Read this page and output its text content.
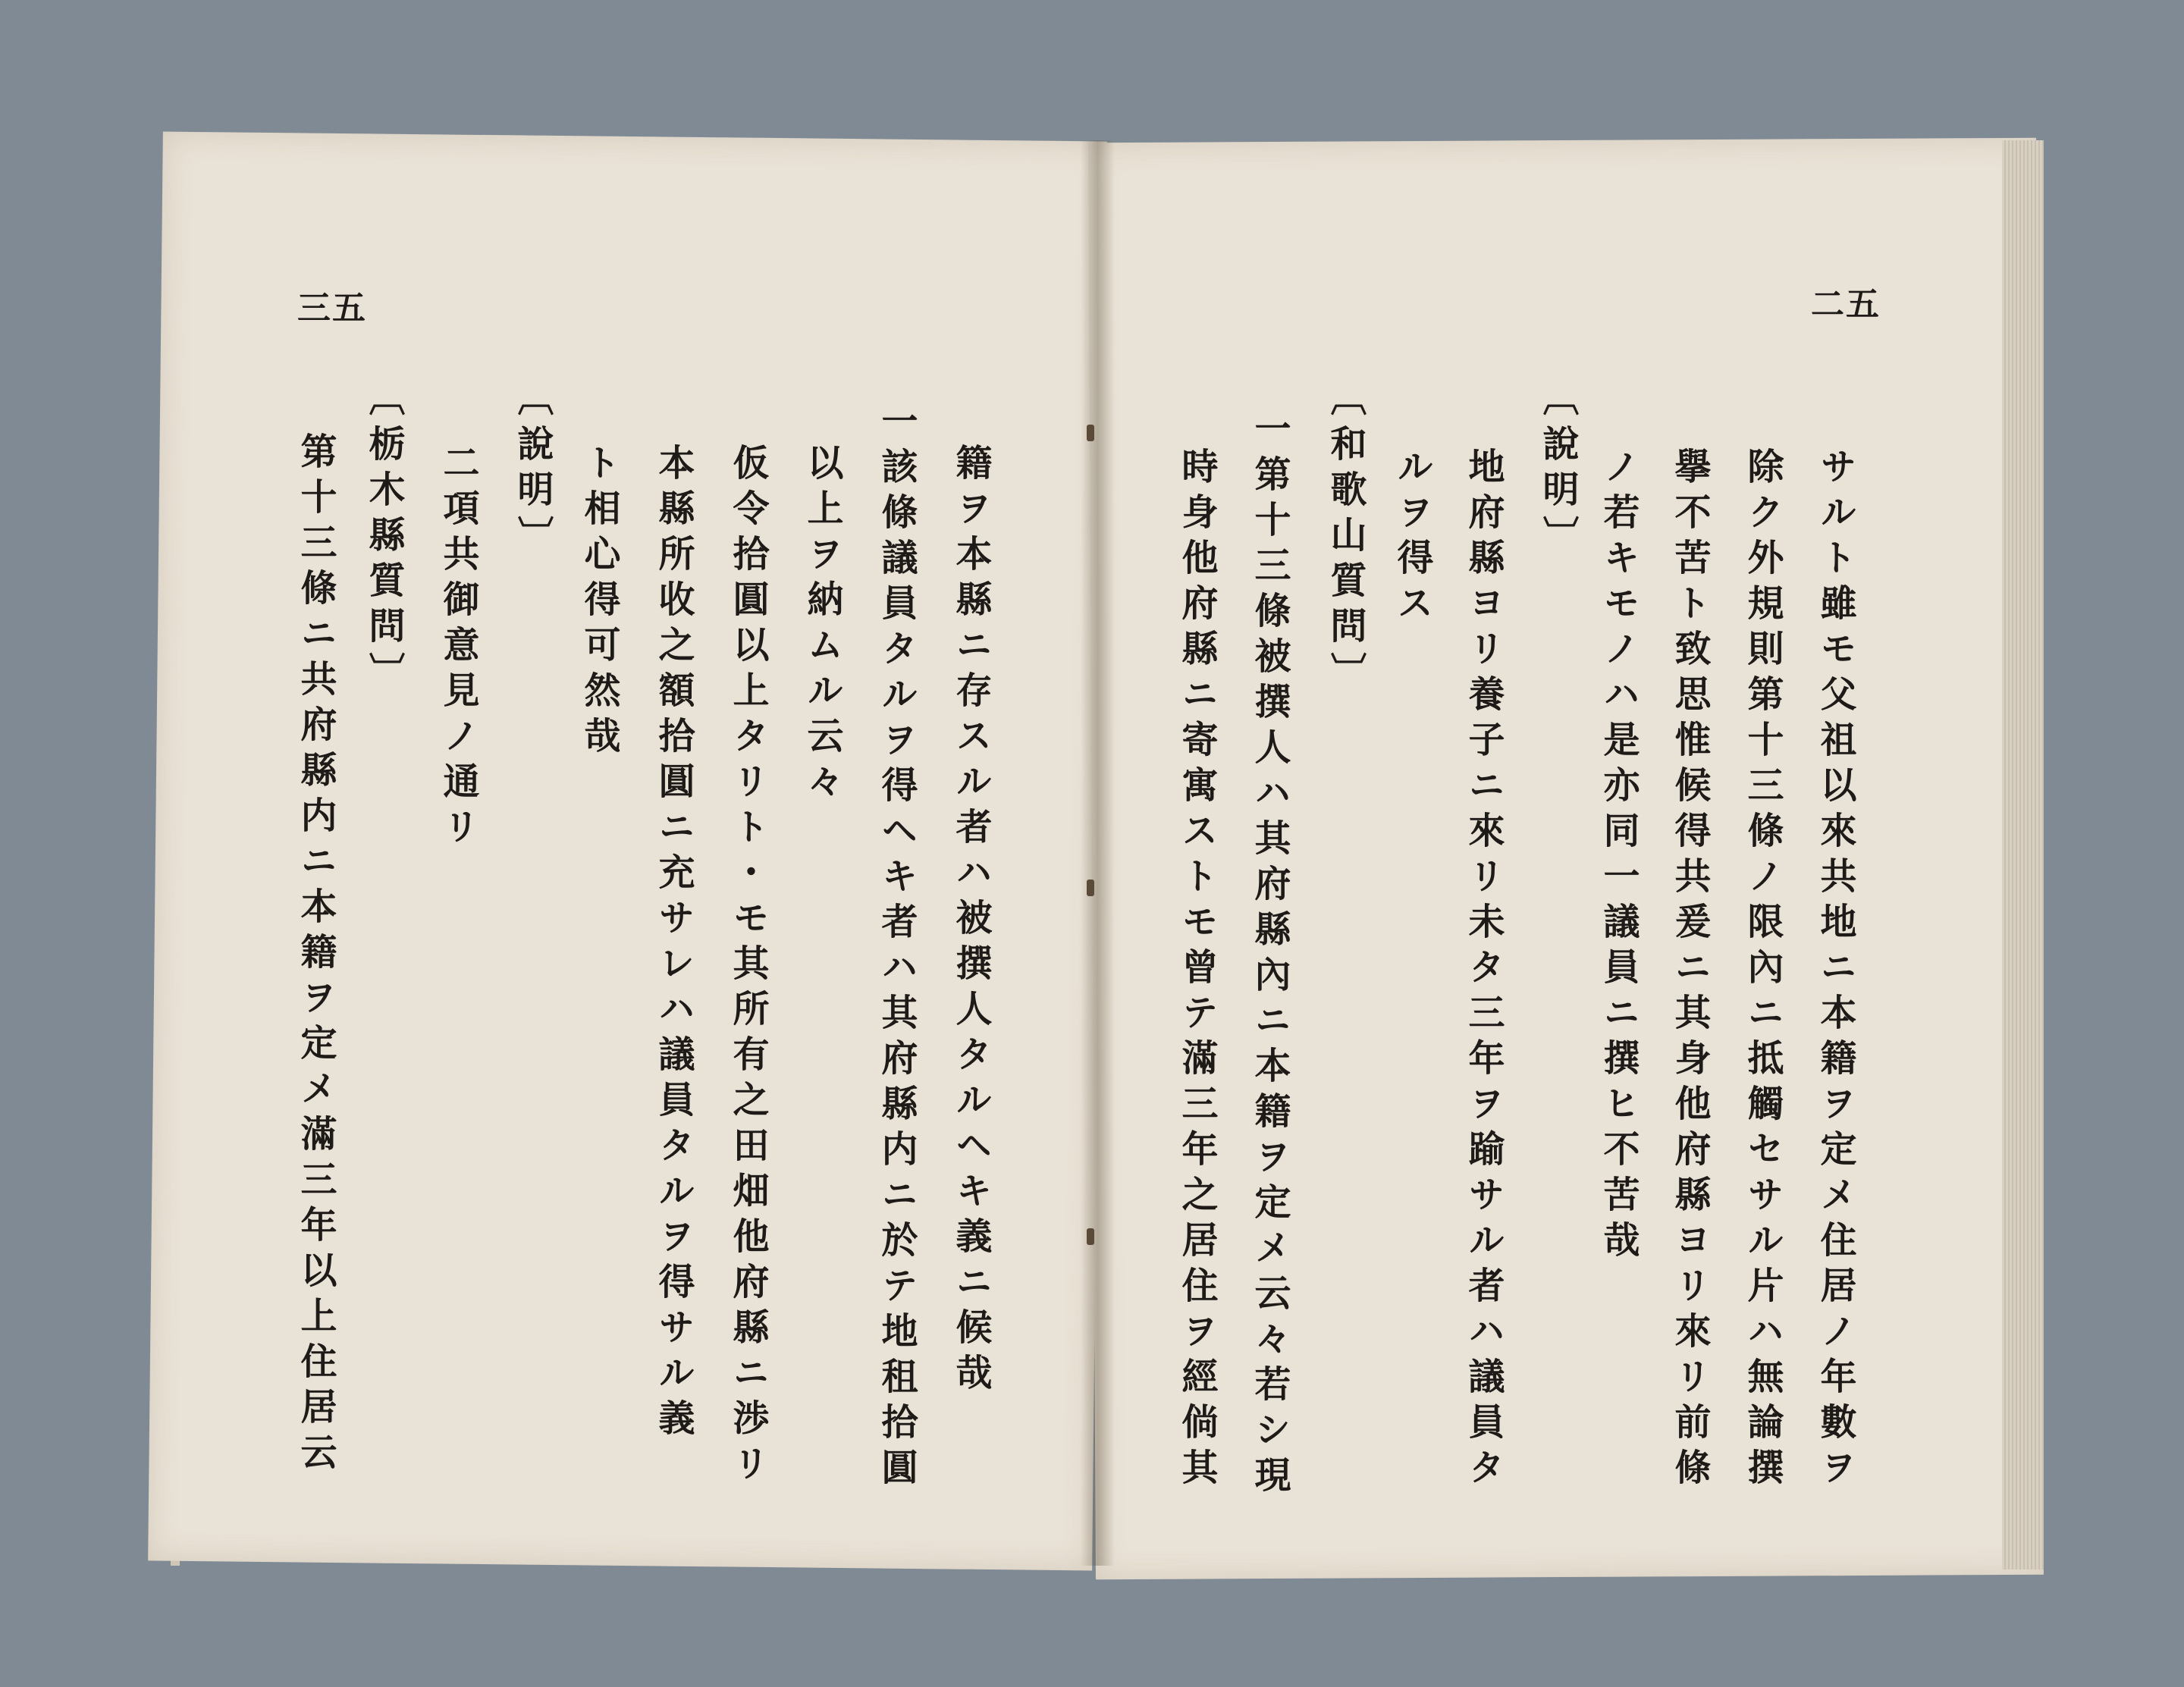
三五
籍ヲ本縣ニ存スル者ハ被撰人タルヘキ義ニ候哉
一該條議員タルヲ得ヘキ者ハ其府縣内ニ於テ地租拾圓
以上ヲ納ムル云々
仮令拾圓以上タリト・モ其所有之田畑他府縣ニ渉リ
本縣所收之額拾圓ニ充サレハ議員タルヲ得サル義
ト相心得可然哉
〔說明〕
二項共御意見ノ通リ
〔栃木縣質問〕
第十三條ニ共府縣内ニ本籍ヲ定メ滿三年以上住居云
二五
サルト雖モ父祖以來共地ニ本籍ヲ定メ住居ノ年數ヲ
除ク外規則第十三條ノ限內ニ抵觸セサル片ハ無論撰
擧不苦ト致思惟候得共爰ニ其身他府縣ヨリ來リ前條
ノ若キモノハ是亦同一議員ニ撰ヒ不苦哉
〔說明〕
地府縣ヨリ養子ニ來リ未タ三年ヲ踰サル者ハ議員タ
ルヲ得ス
〔和歌山質問〕
一第十三條被撰人ハ其府縣內ニ本籍ヲ定メ云々若シ現
時身他府縣ニ寄寓ストモ曾テ滿三年之居住ヲ經倘其
